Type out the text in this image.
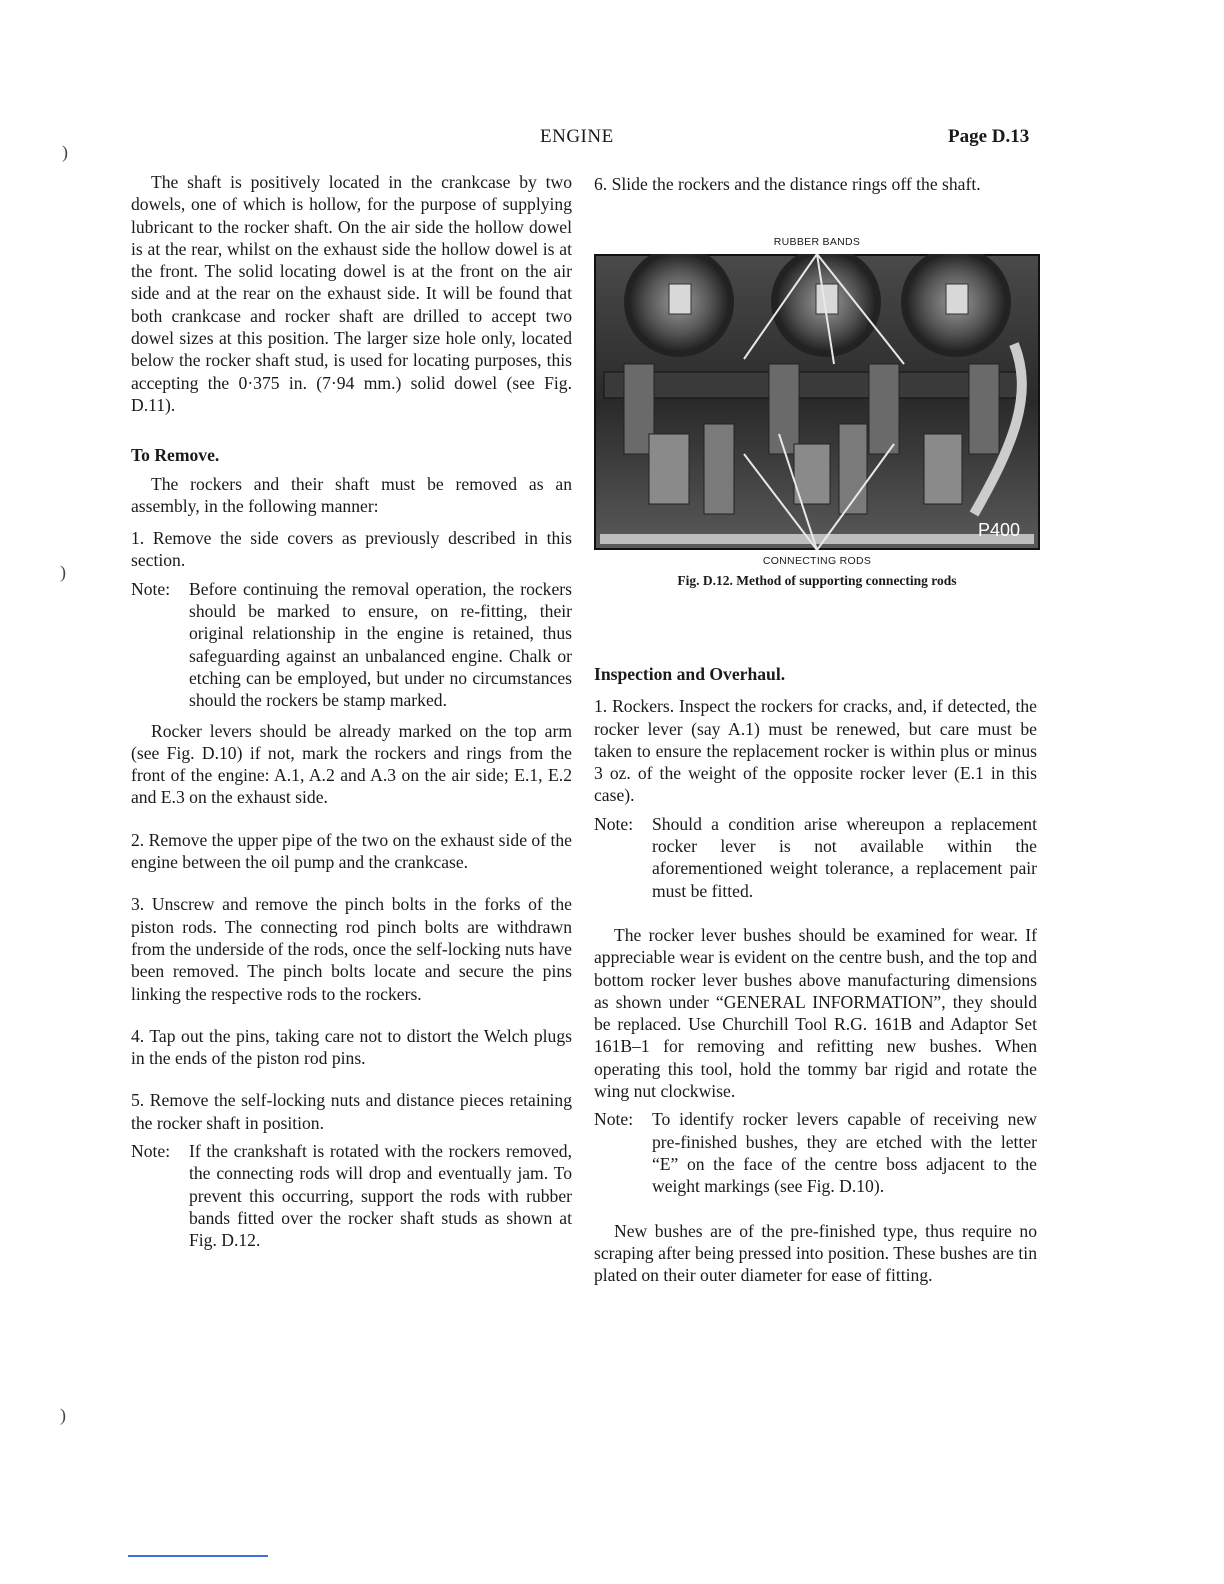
ENGINE	Page D.13
)
)
)

The shaft is positively located in the crankcase by two dowels, one of which is hollow, for the purpose of supplying lubricant to the rocker shaft. On the air side the hollow dowel is at the rear, whilst on the exhaust side the hollow dowel is at the front. The solid locating dowel is at the front on the air side and at the rear on the exhaust side. It will be found that both crankcase and rocker shaft are drilled to accept two dowel sizes at this position. The larger size hole only, located below the rocker shaft stud, is used for locating purposes, this accepting the 0·375 in. (7·94 mm.) solid dowel (see Fig. D.11).

To Remove.

The rockers and their shaft must be removed as an assembly, in the following manner:

1. Remove the side covers as previously described in this section.

Note:	Before continuing the removal operation, the rockers should be marked to ensure, on re-fitting, their original relationship in the engine is retained, thus safeguarding against an unbalanced engine. Chalk or etching can be employed, but under no circumstances should the rockers be stamp marked.

Rocker levers should be already marked on the top arm (see Fig. D.10) if not, mark the rockers and rings from the front of the engine: A.1, A.2 and A.3 on the air side; E.1, E.2 and E.3 on the exhaust side.

2. Remove the upper pipe of the two on the exhaust side of the engine between the oil pump and the crankcase.

3. Unscrew and remove the pinch bolts in the forks of the piston rods. The connecting rod pinch bolts are withdrawn from the underside of the rods, once the self-locking nuts have been removed. The pinch bolts locate and secure the pins linking the respective rods to the rockers.

4. Tap out the pins, taking care not to distort the Welch plugs in the ends of the piston rod pins.

5. Remove the self-locking nuts and distance pieces retaining the rocker shaft in position.

Note:	If the crankshaft is rotated with the rockers removed, the connecting rods will drop and eventually jam. To prevent this occurring, support the rods with rubber bands fitted over the rocker shaft studs as shown at Fig. D.12.

6. Slide the rockers and the distance rings off the shaft.

RUBBER BANDS
P400
CONNECTING RODS
Fig. D.12. Method of supporting connecting rods

Inspection and Overhaul.

1. Rockers. Inspect the rockers for cracks, and, if detected, the rocker lever (say A.1) must be renewed, but care must be taken to ensure the replacement rocker is within plus or minus 3 oz. of the weight of the opposite rocker lever (E.1 in this case).

Note:	Should a condition arise whereupon a replacement rocker lever is not available within the aforementioned weight tolerance, a replacement pair must be fitted.

The rocker lever bushes should be examined for wear. If appreciable wear is evident on the centre bush, and the top and bottom rocker lever bushes above manufacturing dimensions as shown under “GENERAL INFORMATION”, they should be replaced. Use Churchill Tool R.G. 161B and Adaptor Set 161B–1 for removing and refitting new bushes. When operating this tool, hold the tommy bar rigid and rotate the wing nut clockwise.

Note:	To identify rocker levers capable of receiving new pre-finished bushes, they are etched with the letter “E” on the face of the centre boss adjacent to the weight markings (see Fig. D.10).

New bushes are of the pre-finished type, thus require no scraping after being pressed into position. These bushes are tin plated on their outer diameter for ease of fitting.
